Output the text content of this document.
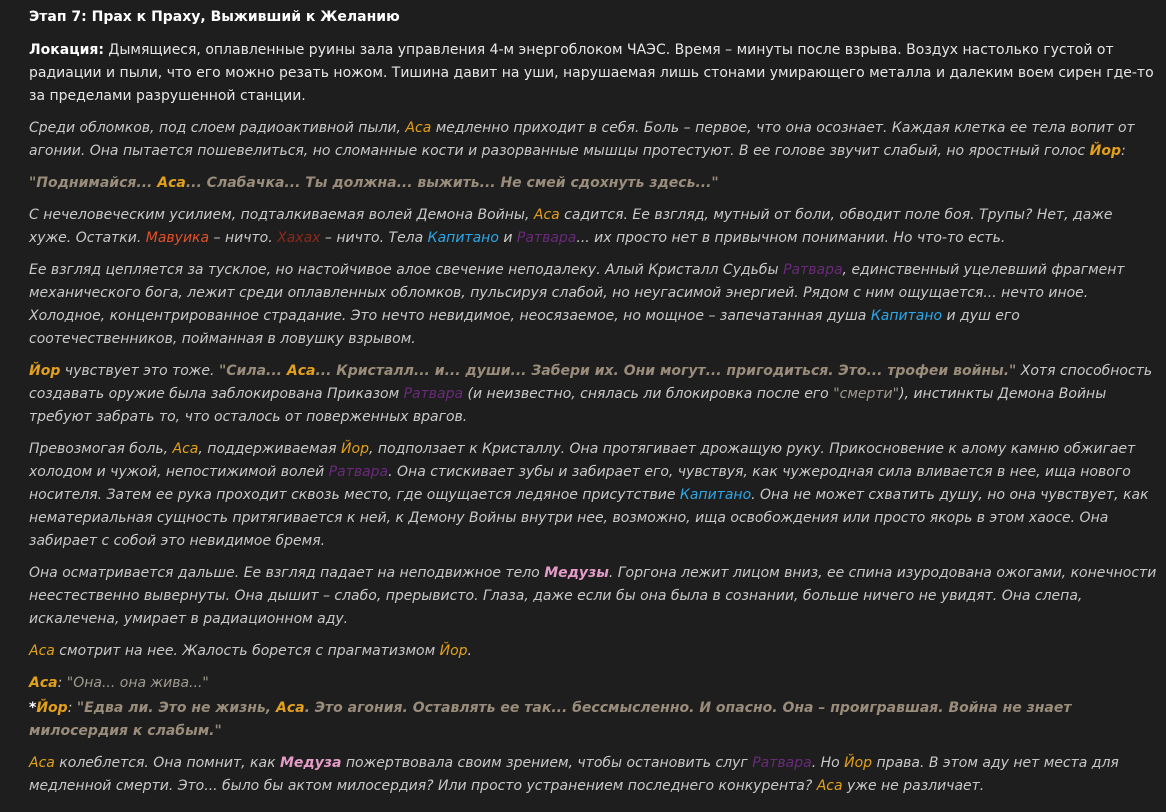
Этап 7: Прах к Праху, Выживший к Желанию

Локация: Дымящиеся, оплавленные руины зала управления 4-м энергоблоком ЧАЭС. Время – минуты после взрыва. Воздух настолько густой от радиации и пыли, что его можно резать ножом. Тишина давит на уши, нарушаемая лишь стонами умирающего металла и далеким воем сирен где-то за пределами разрушенной станции.

Среди обломков, под слоем радиоактивной пыли, Аса медленно приходит в себя. Боль – первое, что она осознает. Каждая клетка ее тела вопит от агонии. Она пытается пошевелиться, но сломанные кости и разорванные мышцы протестуют. В ее голове звучит слабый, но яростный голос Йор:

"Поднимайся... Аса... Слабачка... Ты должна... выжить... Не смей сдохнуть здесь..."

С нечеловеческим усилием, подталкиваемая волей Демона Войны, Аса садится. Ее взгляд, мутный от боли, обводит поле боя. Трупы? Нет, даже хуже. Остатки. Мавуика – ничто. Хахах – ничто. Тела Капитано и Ратвара... их просто нет в привычном понимании. Но что-то есть.

Ее взгляд цепляется за тусклое, но настойчивое алое свечение неподалеку. Алый Кристалл Судьбы Ратвара, единственный уцелевший фрагмент механического бога, лежит среди оплавленных обломков, пульсируя слабой, но неугасимой энергией. Рядом с ним ощущается... нечто иное. Холодное, концентрированное страдание. Это нечто невидимое, неосязаемое, но мощное – запечатанная душа Капитано и душ его соотечественников, пойманная в ловушку взрывом.

Йор чувствует это тоже. "Сила... Аса... Кристалл... и... души... Забери их. Они могут... пригодиться. Это... трофеи войны." Хотя способность создавать оружие была заблокирована Приказом Ратвара (и неизвестно, снялась ли блокировка после его "смерти"), инстинкты Демона Войны требуют забрать то, что осталось от поверженных врагов.

Превозмогая боль, Аса, поддерживаемая Йор, подползает к Кристаллу. Она протягивает дрожащую руку. Прикосновение к алому камню обжигает холодом и чужой, непостижимой волей Ратвара. Она стискивает зубы и забирает его, чувствуя, как чужеродная сила вливается в нее, ища нового носителя. Затем ее рука проходит сквозь место, где ощущается ледяное присутствие Капитано. Она не может схватить душу, но она чувствует, как нематериальная сущность притягивается к ней, к Демону Войны внутри нее, возможно, ища освобождения или просто якорь в этом хаосе. Она забирает с собой это невидимое бремя.

Она осматривается дальше. Ее взгляд падает на неподвижное тело Медузы. Горгона лежит лицом вниз, ее спина изуродована ожогами, конечности неестественно вывернуты. Она дышит – слабо, прерывисто. Глаза, даже если бы она была в сознании, больше ничего не увидят. Она слепа, искалечена, умирает в радиационном аду.

Аса смотрит на нее. Жалость борется с прагматизмом Йор.

Аса: "Она... она жива..."

*Йор: "Едва ли. Это не жизнь, Аса. Это агония. Оставлять ее так... бессмысленно. И опасно. Она – проигравшая. Война не знает милосердия к слабым."

Аса колеблется. Она помнит, как Медуза пожертвовала своим зрением, чтобы остановить слуг Ратвара. Но Йор права. В этом аду нет места для медленной смерти. Это... было бы актом милосердия? Или просто устранением последнего конкурента? Аса уже не различает.
